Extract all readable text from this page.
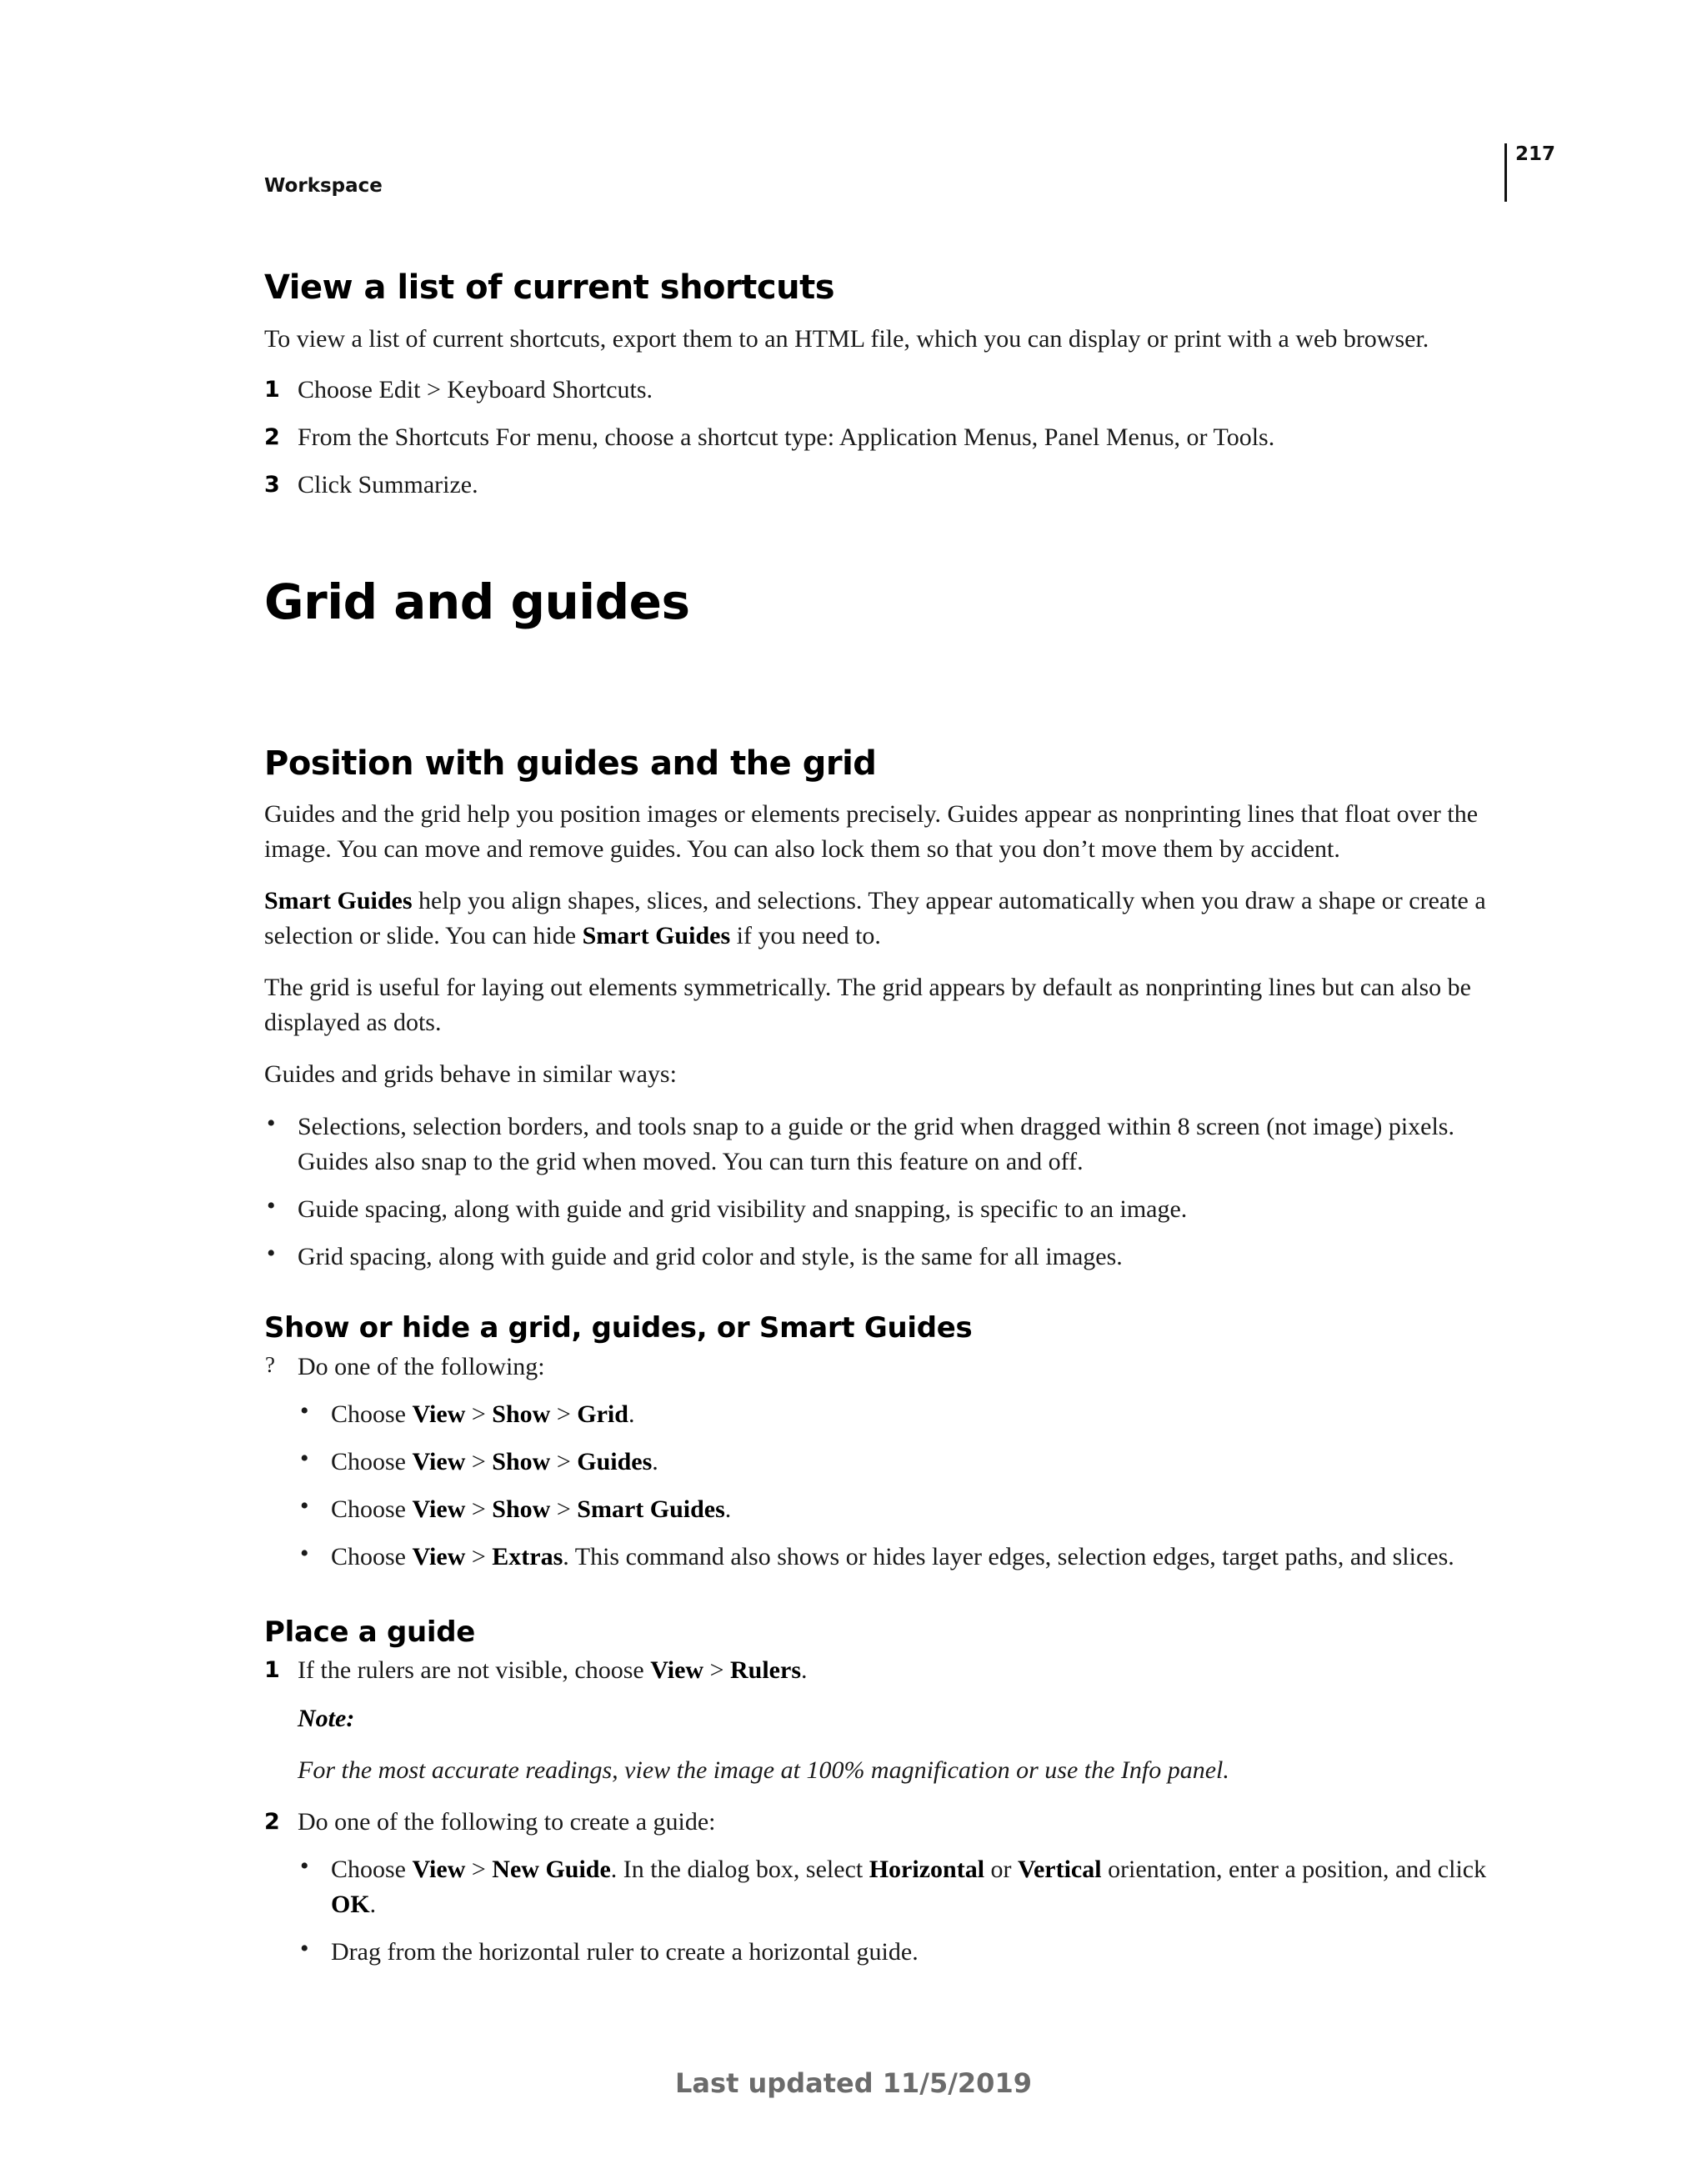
217
Workspace
View a list of current shortcuts
To view a list of current shortcuts, export them to an HTML file, which you can display or print with a web browser.
1 Choose Edit > Keyboard Shortcuts.
2 From the Shortcuts For menu, choose a shortcut type: Application Menus, Panel Menus, or Tools.
3 Click Summarize.
Grid and guides
Position with guides and the grid
Guides and the grid help you position images or elements precisely. Guides appear as nonprinting lines that float over the image. You can move and remove guides. You can also lock them so that you don’t move them by accident.
Smart Guides help you align shapes, slices, and selections. They appear automatically when you draw a shape or create a selection or slide. You can hide Smart Guides if you need to.
The grid is useful for laying out elements symmetrically. The grid appears by default as nonprinting lines but can also be displayed as dots.
Guides and grids behave in similar ways:
• Selections, selection borders, and tools snap to a guide or the grid when dragged within 8 screen (not image) pixels. Guides also snap to the grid when moved. You can turn this feature on and off.
• Guide spacing, along with guide and grid visibility and snapping, is specific to an image.
• Grid spacing, along with guide and grid color and style, is the same for all images.
Show or hide a grid, guides, or Smart Guides
? Do one of the following:
• Choose View > Show > Grid.
• Choose View > Show > Guides.
• Choose View > Show > Smart Guides.
• Choose View > Extras. This command also shows or hides layer edges, selection edges, target paths, and slices.
Place a guide
1 If the rulers are not visible, choose View > Rulers.
Note:
For the most accurate readings, view the image at 100% magnification or use the Info panel.
2 Do one of the following to create a guide:
• Choose View > New Guide. In the dialog box, select Horizontal or Vertical orientation, enter a position, and click OK.
• Drag from the horizontal ruler to create a horizontal guide.
Last updated 11/5/2019
